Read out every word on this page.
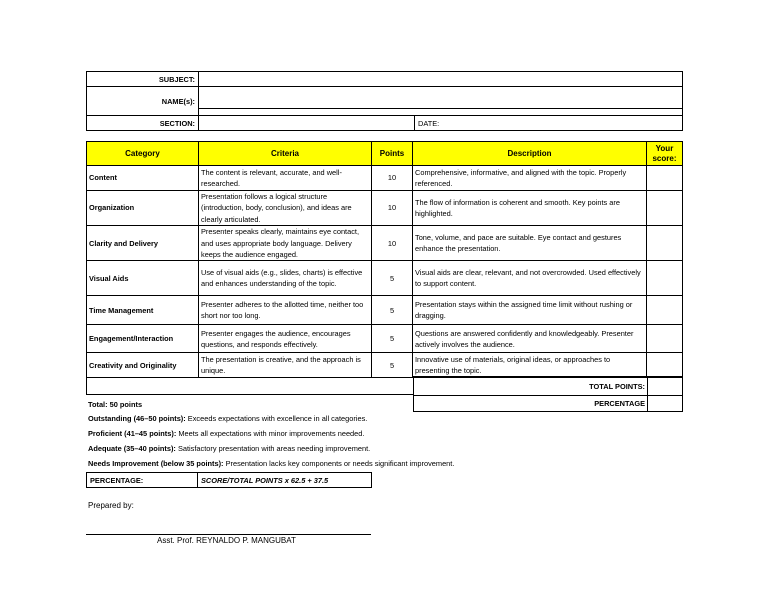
SUBJECT:		
NAME(s):		

SECTION:		DATE:
Category	Criteria	Points	Description	Your score:
Content	The content is relevant, accurate, and well-researched.	10	Comprehensive, informative, and aligned with the topic. Properly referenced.	
Organization	Presentation follows a logical structure (introduction, body, conclusion), and ideas are clearly articulated.	10	The flow of information is coherent and smooth. Key points are highlighted.	
Clarity and Delivery	Presenter speaks clearly, maintains eye contact, and uses appropriate body language. Delivery keeps the audience engaged.	10	Tone, volume, and pace are suitable. Eye contact and gestures enhance the presentation.	
Visual Aids	Use of visual aids (e.g., slides, charts) is effective and enhances understanding of the topic.	5	Visual aids are clear, relevant, and not overcrowded. Used effectively to support content.	
Time Management	Presenter adheres to the allotted time, neither too short nor too long.	5	Presentation stays within the assigned time limit without rushing or dragging.	
Engagement/Interaction	Presenter engages the audience, encourages questions, and responds effectively.	5	Questions are answered confidently and knowledgeably. Presenter actively involves the audience.	
Creativity and Originality	The presentation is creative, and the approach is unique.	5	Innovative use of materials, original ideas, or approaches to presenting the topic.	
TOTAL POINTS:	
PERCENTAGE	
Total: 50 points
Outstanding (46–50 points): Exceeds expectations with excellence in all categories.
Proficient (41–45 points): Meets all expectations with minor improvements needed.
Adequate (35–40 points): Satisfactory presentation with areas needing improvement.
Needs Improvement (below 35 points): Presentation lacks key components or needs significant improvement.
PERCENTAGE:	SCORE/TOTAL POINTS x 62.5 + 37.5
Prepared by:
Asst. Prof. REYNALDO P. MANGUBAT
